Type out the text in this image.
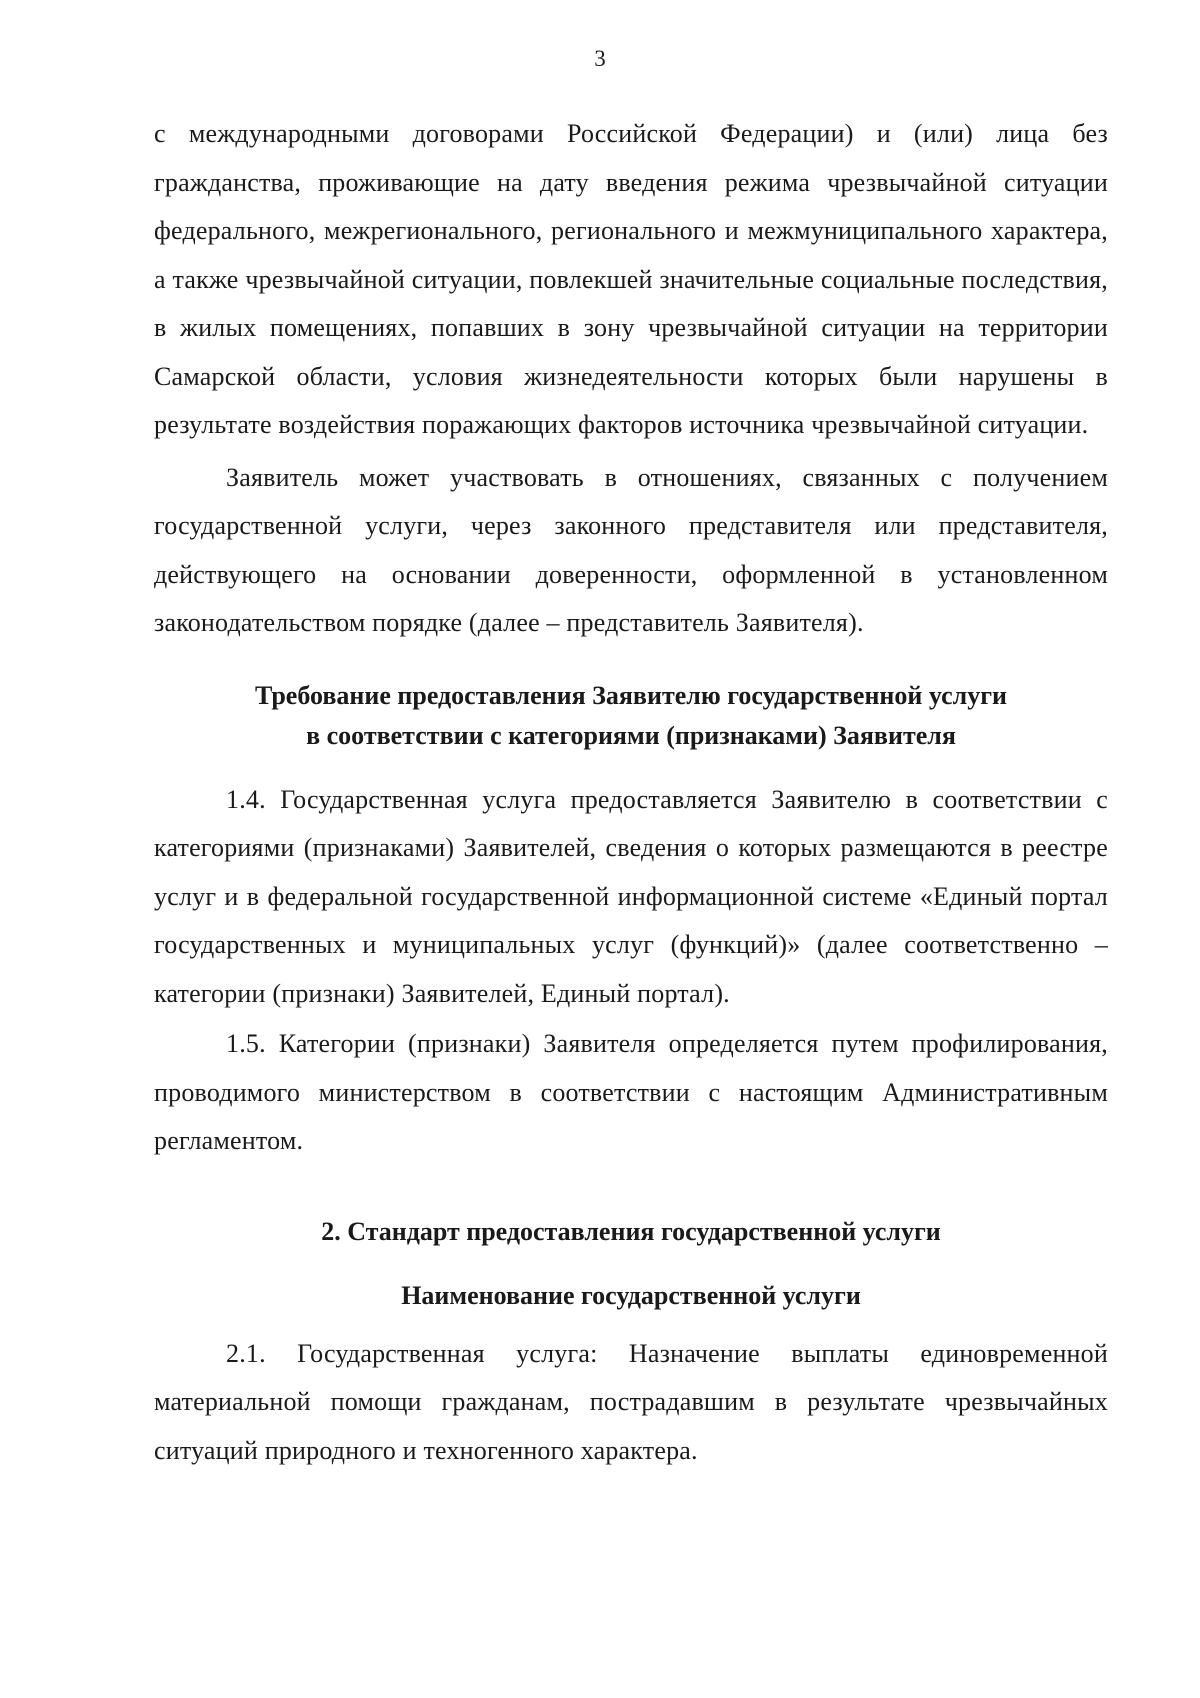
3

с международными договорами Российской Федерации) и (или) лица без гражданства, проживающие на дату введения режима чрезвычайной ситуации федерального, межрегионального, регионального и межмуниципального характера, а также чрезвычайной ситуации, повлекшей значительные социальные последствия, в жилых помещениях, попавших в зону чрезвычайной ситуации на территории Самарской области, условия жизнедеятельности которых были нарушены в результате воздействия поражающих факторов источника чрезвычайной ситуации.

Заявитель может участвовать в отношениях, связанных с получением государственной услуги, через законного представителя или представителя, действующего на основании доверенности, оформленной в установленном законодательством порядке (далее – представитель Заявителя).

Требование предоставления Заявителю государственной услуги

в соответствии с категориями (признаками) Заявителя

1.4. Государственная услуга предоставляется Заявителю в соответствии с категориями (признаками) Заявителей, сведения о которых размещаются в реестре услуг и в федеральной государственной информационной системе «Единый портал государственных и муниципальных услуг (функций)» (далее соответственно – категории (признаки) Заявителей, Единый портал).

1.5. Категории (признаки) Заявителя определяется путем профилирования, проводимого министерством в соответствии с настоящим Административным регламентом.

2. Стандарт предоставления государственной услуги

Наименование государственной услуги

2.1. Государственная услуга: Назначение выплаты единовременной материальной помощи гражданам, пострадавшим в результате чрезвычайных ситуаций природного и техногенного характера.
